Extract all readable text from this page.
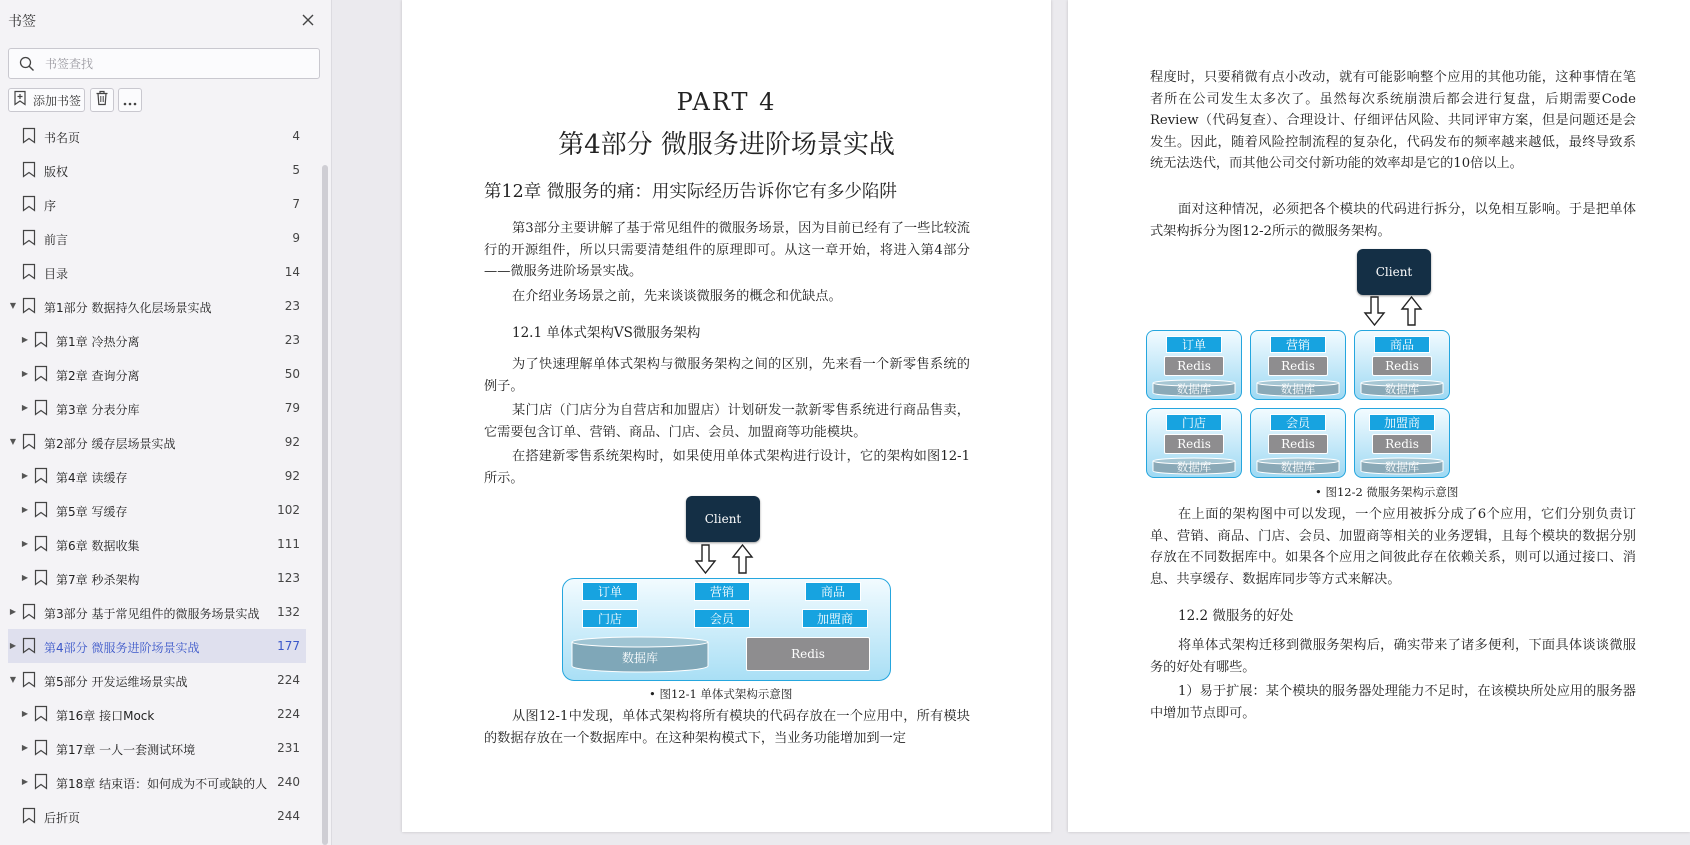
书签
书签查找
添加书签
书名页	4
版权	5
序	7
前言	9
目录	14
▼ 第1部分 数据持久化层场景实战	23
▶ 第1章 冷热分离	23
▶ 第2章 查询分离	50
▶ 第3章 分表分库	79
▼ 第2部分 缓存层场景实战	92
▶ 第4章 读缓存	92
▶ 第5章 写缓存	102
▶ 第6章 数据收集	111
▶ 第7章 秒杀架构	123
▶ 第3部分 基于常见组件的微服务场景实战	132
▶ 第4部分 微服务进阶场景实战	177
▼ 第5部分 开发运维场景实战	224
▶ 第16章 接口Mock	224
▶ 第17章 一人一套测试环境	231
▶ 第18章 结束语：如何成为不可或缺的人 240
后折页	244
PART 4
第4部分 微服务进阶场景实战
第12章 微服务的痛：用实际经历告诉你它有多少陷阱
第3部分主要讲解了基于常见组件的微服务场景，因为目前已经有了一些比较流行的开源组件，所以只需要清楚组件的原理即可。从这一章开始，将进入第4部分——微服务进阶场景实战。
在介绍业务场景之前，先来谈谈微服务的概念和优缺点。
12.1 单体式架构VS微服务架构
为了快速理解单体式架构与微服务架构之间的区别，先来看一个新零售系统的例子。
某门店（门店分为自营店和加盟店）计划研发一款新零售系统进行商品售卖，它需要包含订单、营销、商品、门店、会员、加盟商等功能模块。
在搭建新零售系统架构时，如果使用单体式架构进行设计，它的架构如图12-1所示。
Client
订单	营销	商品
门店	会员	加盟商
数据库	Redis
• 图12-1 单体式架构示意图
从图12-1中发现，单体式架构将所有模块的代码存放在一个应用中，所有模块的数据存放在一个数据库中。在这种架构模式下，当业务功能增加到一定
程度时，只要稍微有点小改动，就有可能影响整个应用的其他功能，这种事情在笔者所在公司发生太多次了。虽然每次系统崩溃后都会进行复盘，后期需要Code Review（代码复查）、合理设计、仔细评估风险、共同评审方案，但是问题还是会发生。因此，随着风险控制流程的复杂化，代码发布的频率越来越低，最终导致系统无法迭代，而其他公司交付新功能的效率却是它的10倍以上。
面对这种情况，必须把各个模块的代码进行拆分，以免相互影响。于是把单体式架构拆分为图12-2所示的微服务架构。
Client
订单
Redis
数据库
营销
Redis
数据库
商品
Redis
数据库
门店
Redis
数据库
会员
Redis
数据库
加盟商
Redis
数据库
• 图12-2 微服务架构示意图
在上面的架构图中可以发现，一个应用被拆分成了6个应用，它们分别负责订单、营销、商品、门店、会员、加盟商等相关的业务逻辑，且每个模块的数据分别存放在不同数据库中。如果各个应用之间彼此存在依赖关系，则可以通过接口、消息、共享缓存、数据库同步等方式来解决。
12.2 微服务的好处
将单体式架构迁移到微服务架构后，确实带来了诸多便利，下面具体谈谈微服务的好处有哪些。
1）易于扩展：某个模块的服务器处理能力不足时，在该模块所处应用的服务器中增加节点即可。
